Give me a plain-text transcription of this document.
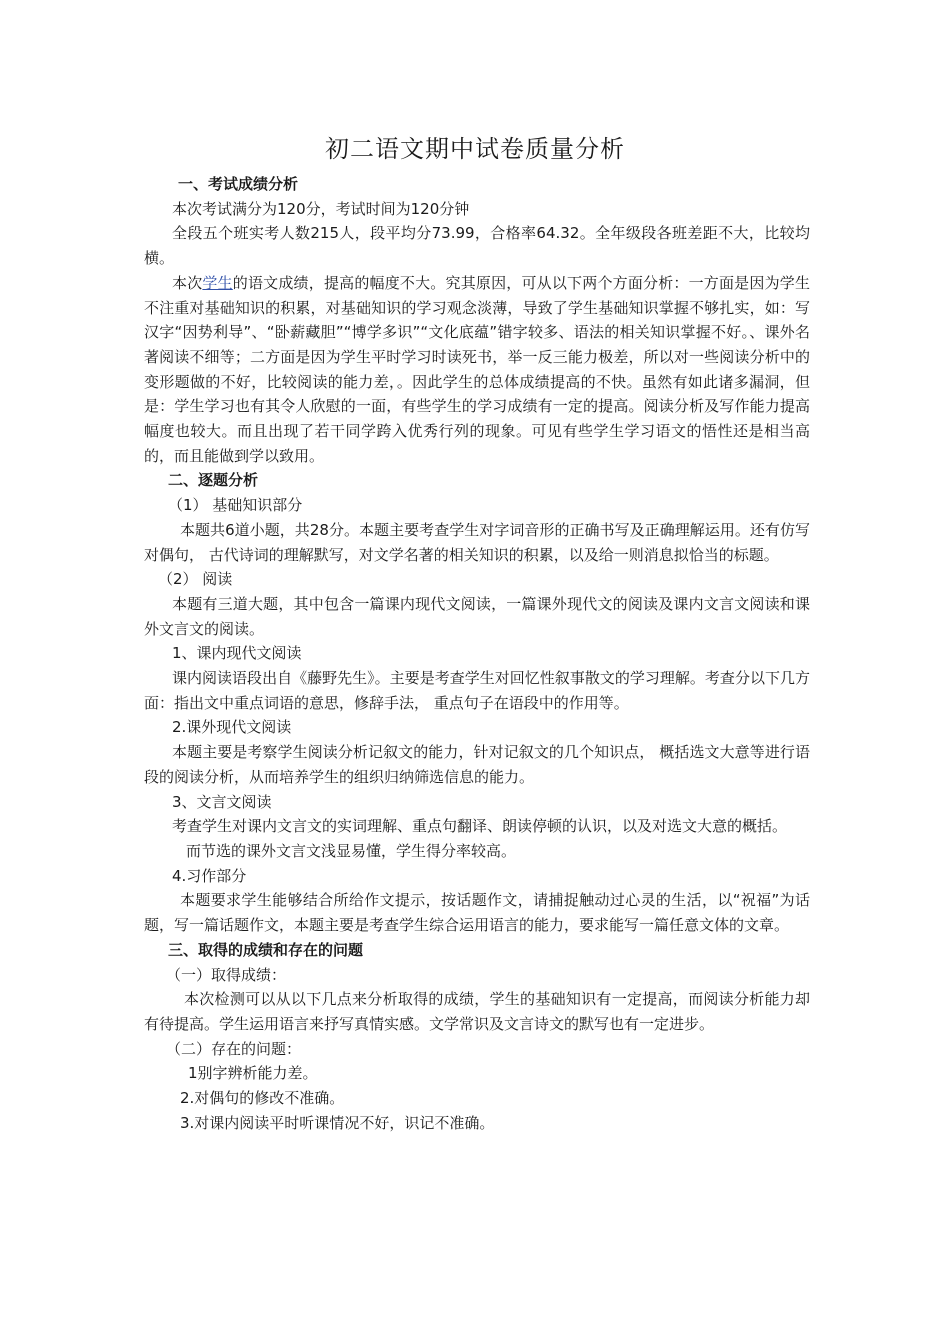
初二语文期中试卷质量分析

一、考试成绩分析

本次考试满分为120分，考试时间为120分钟

全段五个班实考人数215人，段平均分73.99，合格率64.32。全年级段各班差距不大，比较均横。

本次学生的语文成绩，提高的幅度不大。究其原因，可从以下两个方面分析：一方面是因为学生不注重对基础知识的积累，对基础知识的学习观念淡薄，导致了学生基础知识掌握不够扎实，如：写汉字“因势利导”、“卧薪藏胆”“博学多识”“文化底蕴”错字较多、语法的相关知识掌握不好。、课外名著阅读不细等；二方面是因为学生平时学习时读死书，举一反三能力极差，所以对一些阅读分析中的变形题做的不好，比较阅读的能力差，。因此学生的总体成绩提高的不快。虽然有如此诸多漏洞，但是：学生学习也有其令人欣慰的一面，有些学生的学习成绩有一定的提高。阅读分析及写作能力提高幅度也较大。而且出现了若干同学跨入优秀行列的现象。可见有些学生学习语文的悟性还是相当高的，而且能做到学以致用。

二、逐题分析

（1） 基础知识部分

本题共6道小题，共28分。本题主要考查学生对字词音形的正确书写及正确理解运用。还有仿写对偶句， 古代诗词的理解默写，对文学名著的相关知识的积累，以及给一则消息拟恰当的标题。

（2） 阅读

本题有三道大题，其中包含一篇课内现代文阅读，一篇课外现代文的阅读及课内文言文阅读和课外文言文的阅读。

1、课内现代文阅读

课内阅读语段出自《藤野先生》。主要是考查学生对回忆性叙事散文的学习理解。考查分以下几方面：指出文中重点词语的意思，修辞手法， 重点句子在语段中的作用等。

2.课外现代文阅读

本题主要是考察学生阅读分析记叙文的能力，针对记叙文的几个知识点， 概括选文大意等进行语段的阅读分析，从而培养学生的组织归纳筛选信息的能力。

3、文言文阅读

考查学生对课内文言文的实词理解、重点句翻译、朗读停顿的认识，以及对选文大意的概括。

而节选的课外文言文浅显易懂，学生得分率较高。

4.习作部分

本题要求学生能够结合所给作文提示，按话题作文，请捕捉触动过心灵的生活，以“祝福”为话题，写一篇话题作文，本题主要是考查学生综合运用语言的能力，要求能写一篇任意文体的文章。

三、取得的成绩和存在的问题

（一）取得成绩：

本次检测可以从以下几点来分析取得的成绩，学生的基础知识有一定提高，而阅读分析能力却有待提高。学生运用语言来抒写真情实感。文学常识及文言诗文的默写也有一定进步。

（二）存在的问题：

1别字辨析能力差。

2.对偶句的修改不准确。

3.对课内阅读平时听课情况不好，识记不准确。
